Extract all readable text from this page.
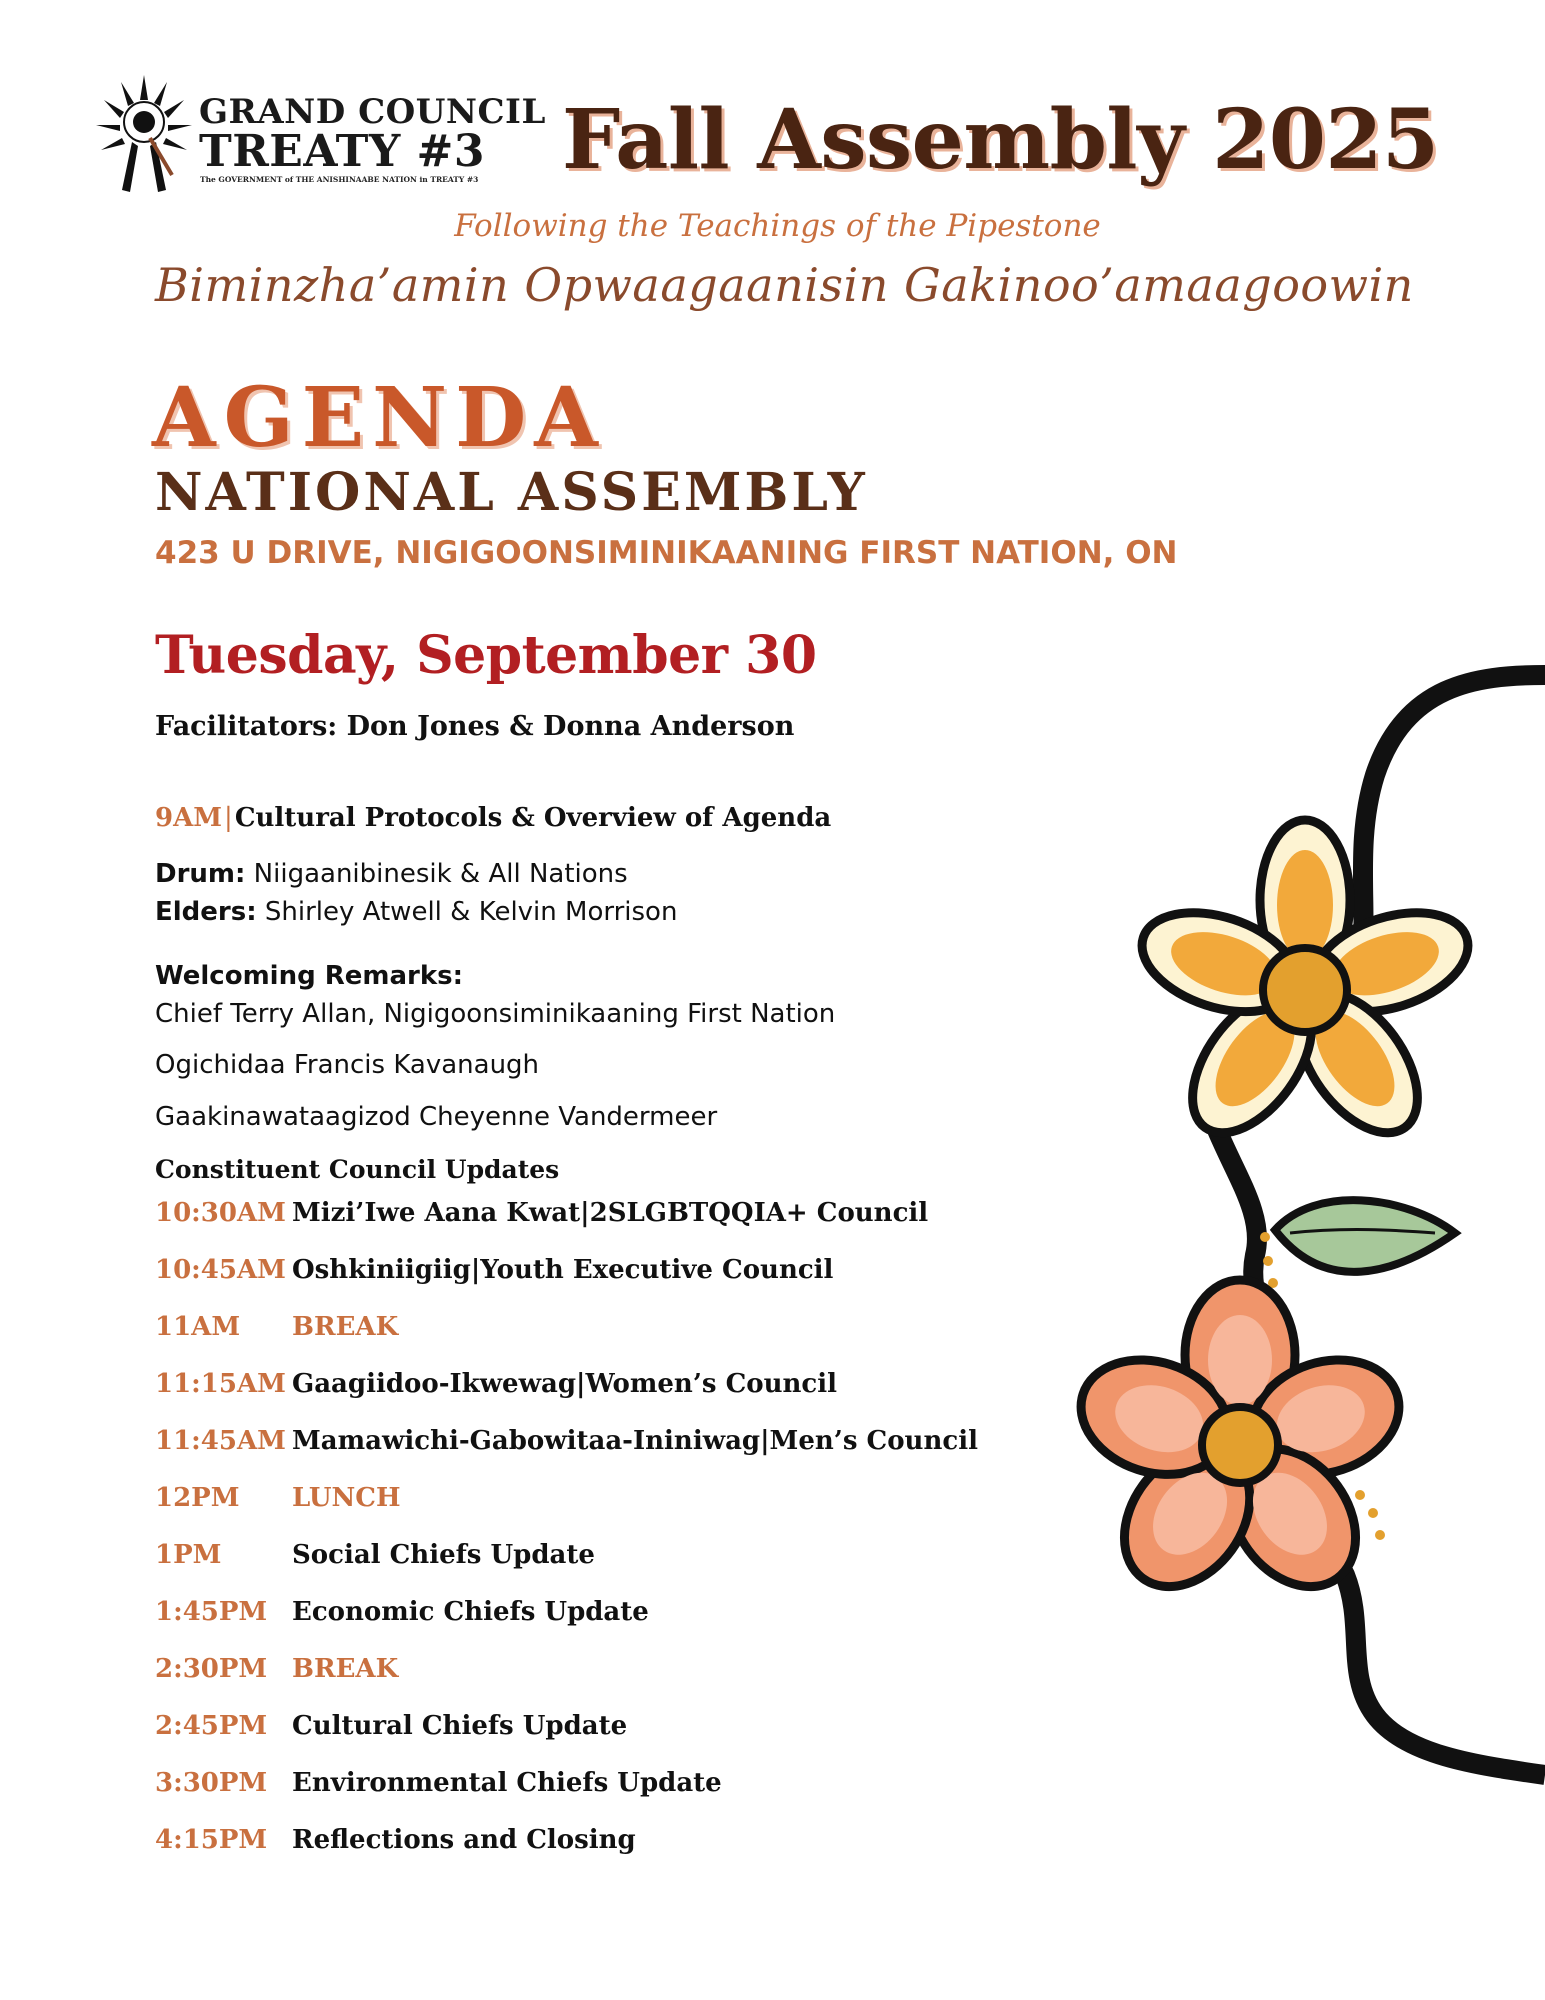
GRAND COUNCIL
TREATY #3
The GOVERNMENT of THE ANISHINAABE NATION in TREATY #3 Fall Assembly 2025
Following the Teachings of the Pipestone
Biminzha’amin Opwaagaanisin Gakinoo’amaagoowin
AGENDA
NATIONAL ASSEMBLY
423 U DRIVE, NIGIGOONSIMINIKAANING FIRST NATION, ON
Tuesday, September 30
Facilitators: Don Jones & Donna Anderson
9AM|Cultural Protocols & Overview of Agenda
Drum: Niigaanibinesik & All Nations
Elders: Shirley Atwell & Kelvin Morrison
Welcoming Remarks:
Chief Terry Allan, Nigigoonsiminikaaning First Nation
Ogichidaa Francis Kavanaugh
Gaakinawataagizod Cheyenne Vandermeer
Constituent Council Updates
10:30AM Mizi’Iwe Aana Kwat|2SLGBTQQIA+ Council
10:45AM Oshkiniigiig|Youth Executive Council
11AM BREAK
11:15AM Gaagiidoo-Ikwewag|Women’s Council
11:45AM Mamawichi-Gabowitaa-Ininiwag|Men’s Council
12PM LUNCH
1PM	Social Chiefs Update
1:45PM Economic Chiefs Update
2:30PM BREAK
2:45PM Cultural Chiefs Update
3:30PM Environmental Chiefs Update
4:15PM Reflections and Closing
